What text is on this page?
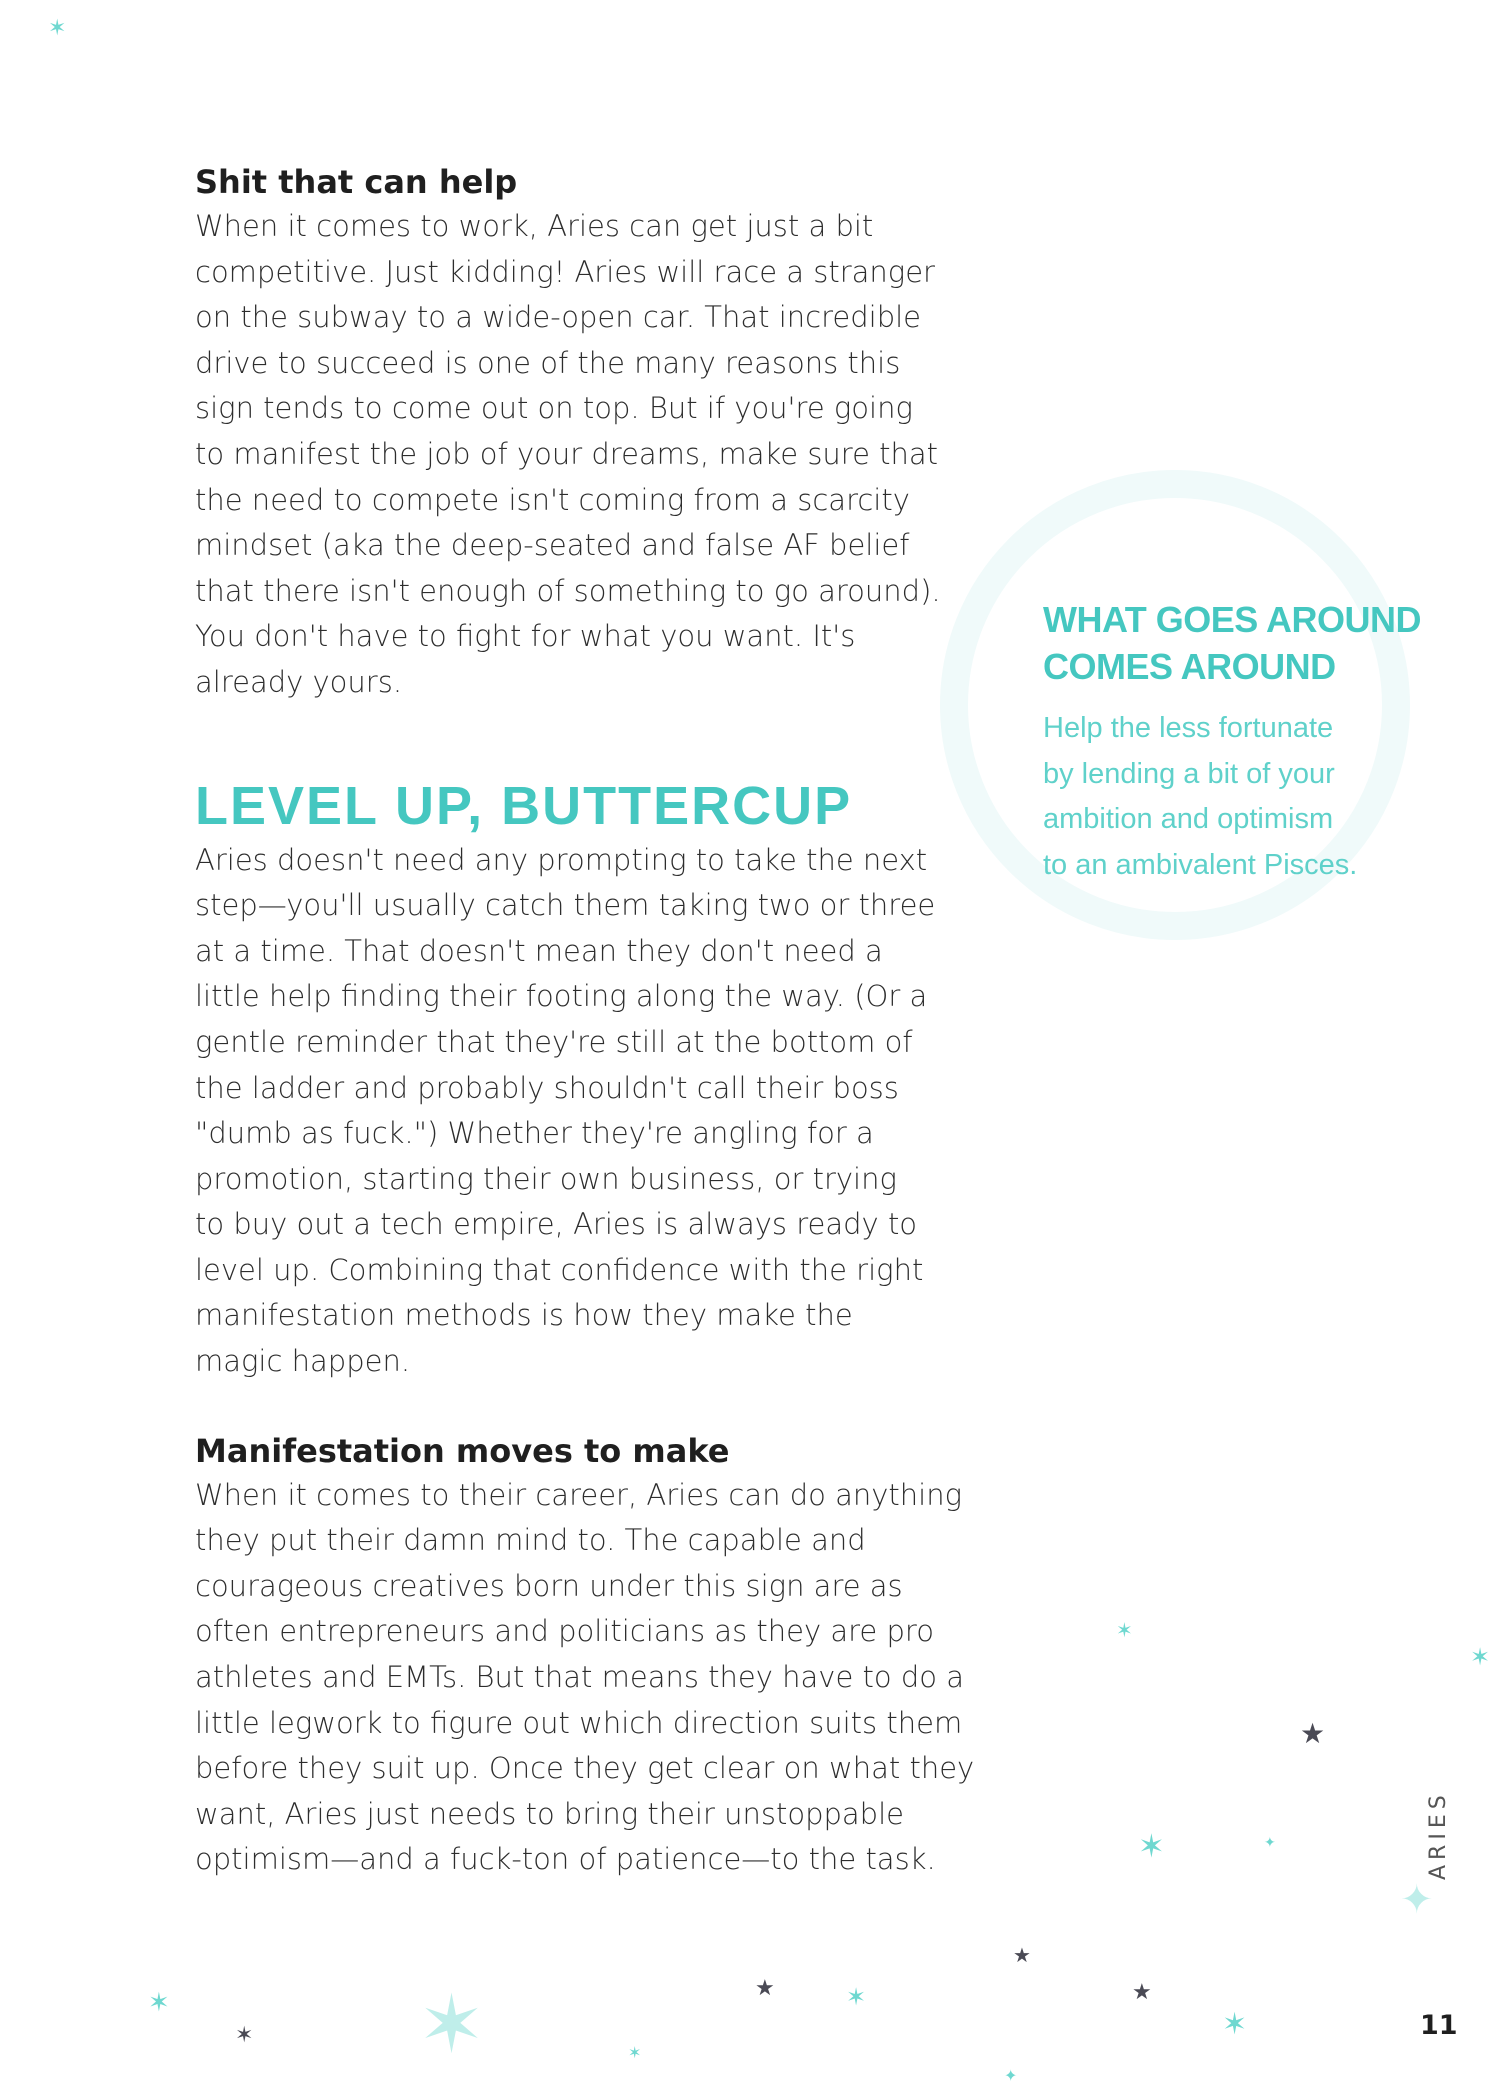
Shit that can help

When it comes to work, Aries can get just a bit
competitive. Just kidding! Aries will race a stranger
on the subway to a wide-open car. That incredible
drive to succeed is one of the many reasons this
sign tends to come out on top. But if you're going
to manifest the job of your dreams, make sure that
the need to compete isn't coming from a scarcity
mindset (aka the deep-seated and false AF belief
that there isn't enough of something to go around).
You don't have to fight for what you want. It's
already yours.

LEVEL UP, BUTTERCUP

Aries doesn't need any prompting to take the next
step—you'll usually catch them taking two or three
at a time. That doesn't mean they don't need a
little help finding their footing along the way. (Or a
gentle reminder that they're still at the bottom of
the ladder and probably shouldn't call their boss
"dumb as fuck.") Whether they're angling for a
promotion, starting their own business, or trying
to buy out a tech empire, Aries is always ready to
level up. Combining that confidence with the right
manifestation methods is how they make the
magic happen.

Manifestation moves to make

When it comes to their career, Aries can do anything
they put their damn mind to. The capable and
courageous creatives born under this sign are as
often entrepreneurs and politicians as they are pro
athletes and EMTs. But that means they have to do a
little legwork to figure out which direction suits them
before they suit up. Once they get clear on what they
want, Aries just needs to bring their unstoppable
optimism—and a fuck-ton of patience—to the task.

WHAT GOES AROUND
COMES AROUND

Help the less fortunate
by lending a bit of your
ambition and optimism
to an ambivalent Pisces.

ARIES
11
✶
✶
✶
★
✶	✦
✦
★
★	✶	★
✶
✶
✶ ✶	✶
✦
